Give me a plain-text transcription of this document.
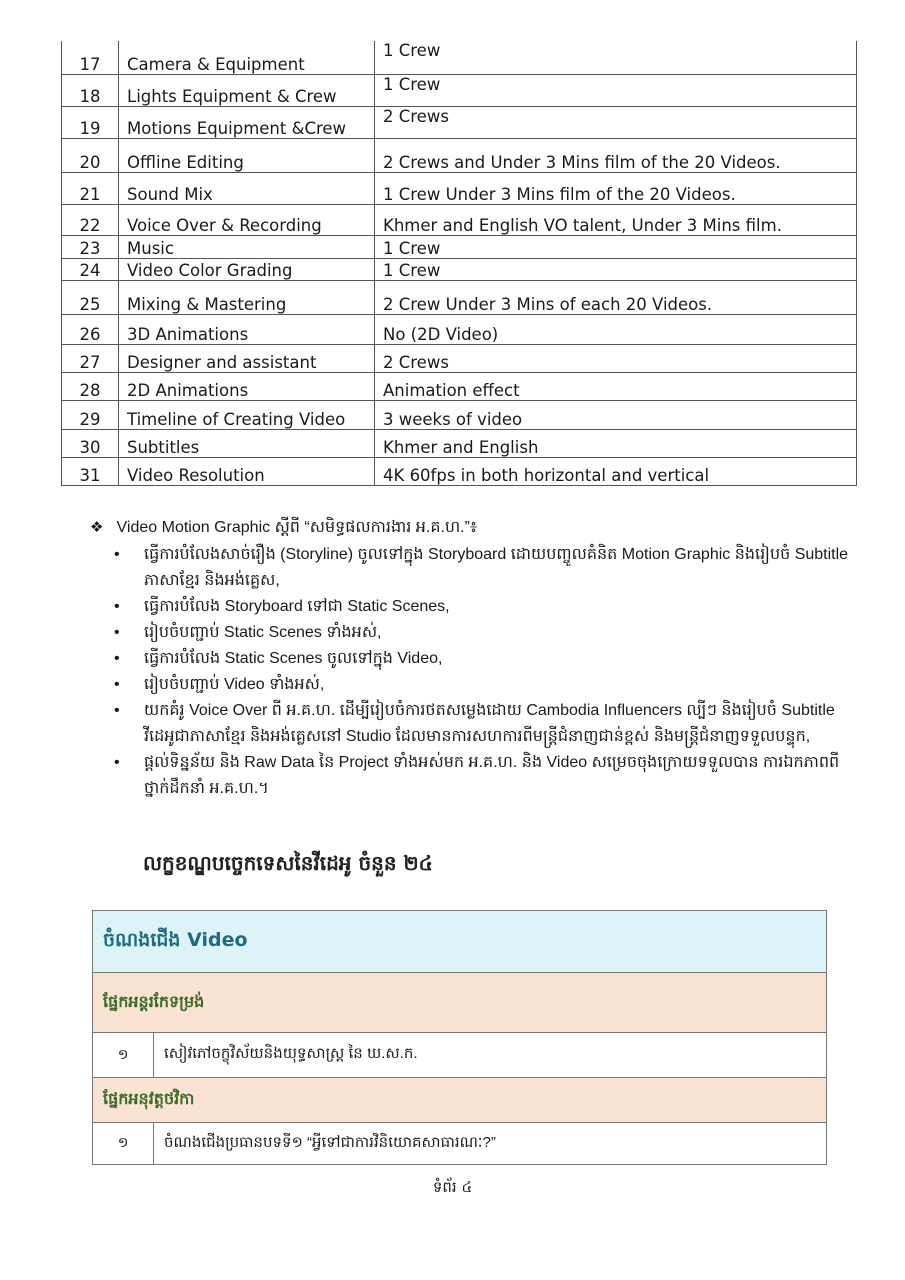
17	Camera & Equipment	1 Crew
18	Lights Equipment & Crew	1 Crew
19	Motions Equipment &Crew	2 Crews
20	Offline Editing	2 Crews and Under 3 Mins film of the 20 Videos.
21	Sound Mix	1 Crew Under 3 Mins film of the 20 Videos.
22	Voice Over & Recording	Khmer and English VO talent, Under 3 Mins film.
23	Music	1 Crew
24	Video Color Grading	1 Crew
25	Mixing & Mastering	2 Crew Under 3 Mins of each 20 Videos.
26	3D Animations	No (2D Video)
27	Designer and assistant	2 Crews
28	2D Animations	Animation effect
29	Timeline of Creating Video	3 weeks of video
30	Subtitles	Khmer and English
31	Video Resolution	4K 60fps in both horizontal and vertical
❖ Video Motion Graphic ស្តីពី “សមិទ្ធផលការងារ អ.គ.ហ.”៖
• ធ្វើការបំលែងសាច់រឿង (Storyline) ចូលទៅក្នុង Storyboard ដោយបញ្ចូលគំនិត Motion Graphic និងរៀបចំ Subtitle ភាសាខ្មែរ និងអង់គ្លេស,
• ធ្វើការបំលែង Storyboard ទៅជា Static Scenes,
• រៀបចំបញ្ជាប់ Static Scenes ទាំងអស់,
• ធ្វើការបំលែង Static Scenes ចូលទៅក្នុង Video,
• រៀបចំបញ្ជាប់ Video ទាំងអស់,
• យកគំរូ Voice Over ពី អ.គ.ហ. ដើម្បីរៀបចំការថតសម្លេងដោយ Cambodia Influencers ល្បីៗ និងរៀបចំ Subtitle វីដេអូជាភាសាខ្មែរ និងអង់គ្លេសនៅ Studio ដែលមានការសហការពីមន្ត្រីជំនាញជាន់ខ្ពស់ និងមន្ត្រីជំនាញទទួលបន្ទុក,
• ផ្តល់ទិន្នន័យ និង Raw Data នៃ Project ទាំងអស់មក អ.គ.ហ. និង Video សម្រេចចុងក្រោយទទួលបាន ការឯកភាពពីថ្នាក់ដឹកនាំ អ.គ.ហ.។
លក្ខខណ្ឌបច្ចេកទេសនៃវីដេអូ ចំនួន ២៤
ចំណងជើង Video
ផ្នែកអន្តរកែទម្រង់
១	សៀវភៅចក្ខុវិស័យនិងយុទ្ធសាស្ត្រ នៃ ឃ.ស.ក.
ផ្នែកអនុវត្តថវិកា
១	ចំណងជើងប្រធានបទទី១ “អ្វីទៅជាការវិនិយោគសាធារណៈ?”
ទំព័រ ៤
